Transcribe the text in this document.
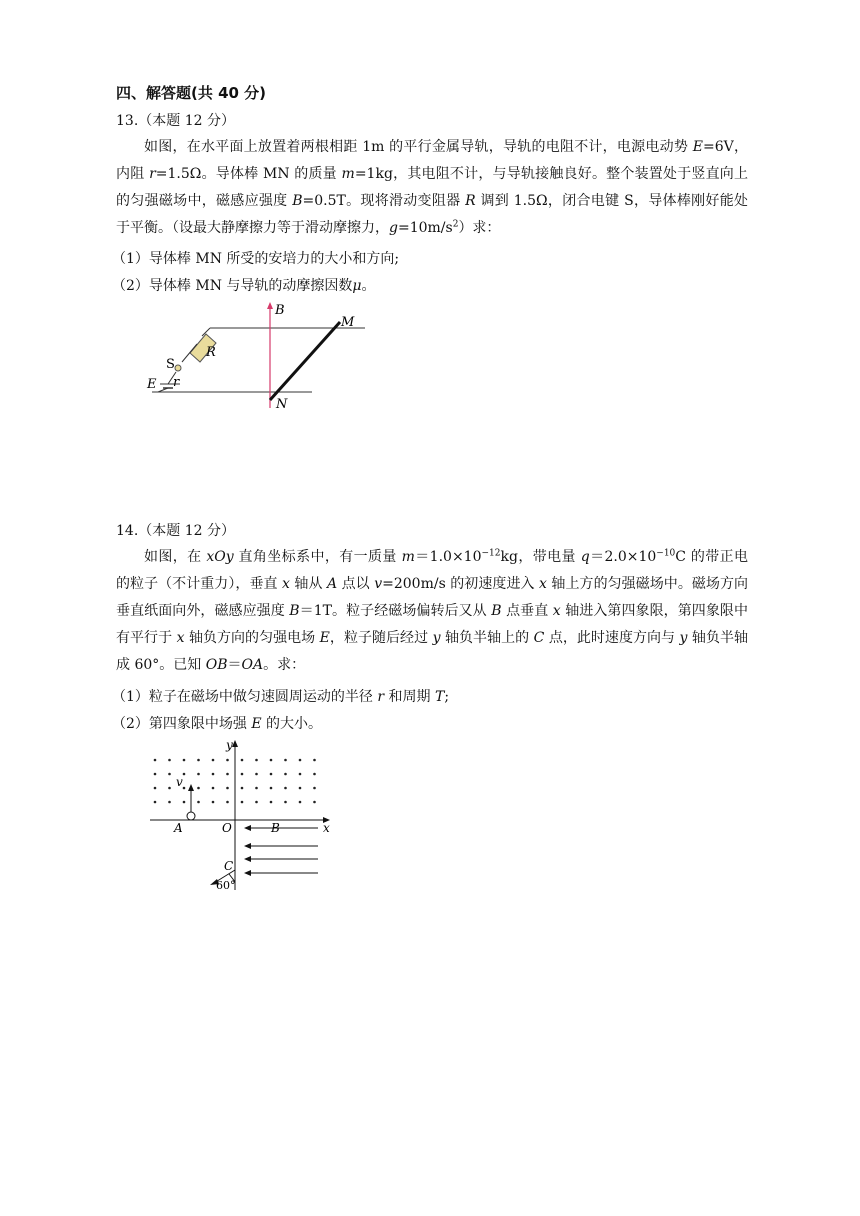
四、解答题(共 40 分)
13.（本题 12 分）

如图，在水平面上放置着两根相距 1m 的平行金属导轨，导轨的电阻不计，电源电动势 E=6V，内阻 r=1.5Ω。导体棒 MN 的质量 m=1kg，其电阻不计，与导轨接触良好。整个装置处于竖直向上的匀强磁场中，磁感应强度 B=0.5T。现将滑动变阻器 R 调到 1.5Ω，闭合电键 S，导体棒刚好能处于平衡。（设最大静摩擦力等于滑动摩擦力，$g=10m/s^2$）求：

（1）导体棒 MN 所受的安培力的大小和方向;
（2）导体棒 MN 与导轨的动摩擦因数μ。
B
M
N
R
S
E r
14.（本题 12 分）

如图，在 xOy 直角坐标系中，有一质量 $m=1.0\times 10^{-12}kg$，带电量 $q=2.0\times 10^{-10}C$ 的带正电的粒子（不计重力），垂直 x 轴从 A 点以 v=200m/s 的初速度进入 x 轴上方的匀强磁场中。磁场方向垂直纸面向外，磁感应强度 B＝1T。粒子经磁场偏转后又从 B 点垂直 x 轴进入第四象限，第四象限中有平行于 x 轴负方向的匀强电场 E，粒子随后经过 y 轴负半轴上的 C 点，此时速度方向与 y 轴负半轴成 60°。已知 OB＝OA。求：

（1）粒子在磁场中做匀速圆周运动的半径 r 和周期 T;
（2）第四象限中场强 E 的大小。
y
x
O
A	B
C
v
60°
